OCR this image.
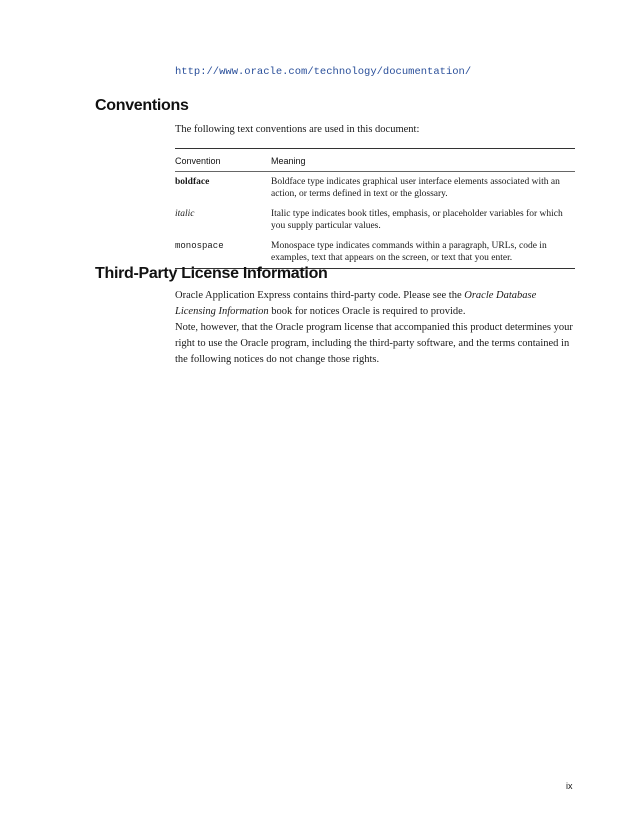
http://www.oracle.com/technology/documentation/
Conventions

The following text conventions are used in this document:

Convention	Meaning
boldface	Boldface type indicates graphical user interface elements associated with an action, or terms defined in text or the glossary.
italic	Italic type indicates book titles, emphasis, or placeholder variables for which you supply particular values.
monospace	Monospace type indicates commands within a paragraph, URLs, code in examples, text that appears on the screen, or text that you enter.
Third-Party License Information

Oracle Application Express contains third-party code. Please see the Oracle Database Licensing Information book for notices Oracle is required to provide.

Note, however, that the Oracle program license that accompanied this product determines your right to use the Oracle program, including the third-party software, and the terms contained in the following notices do not change those rights.

ix
